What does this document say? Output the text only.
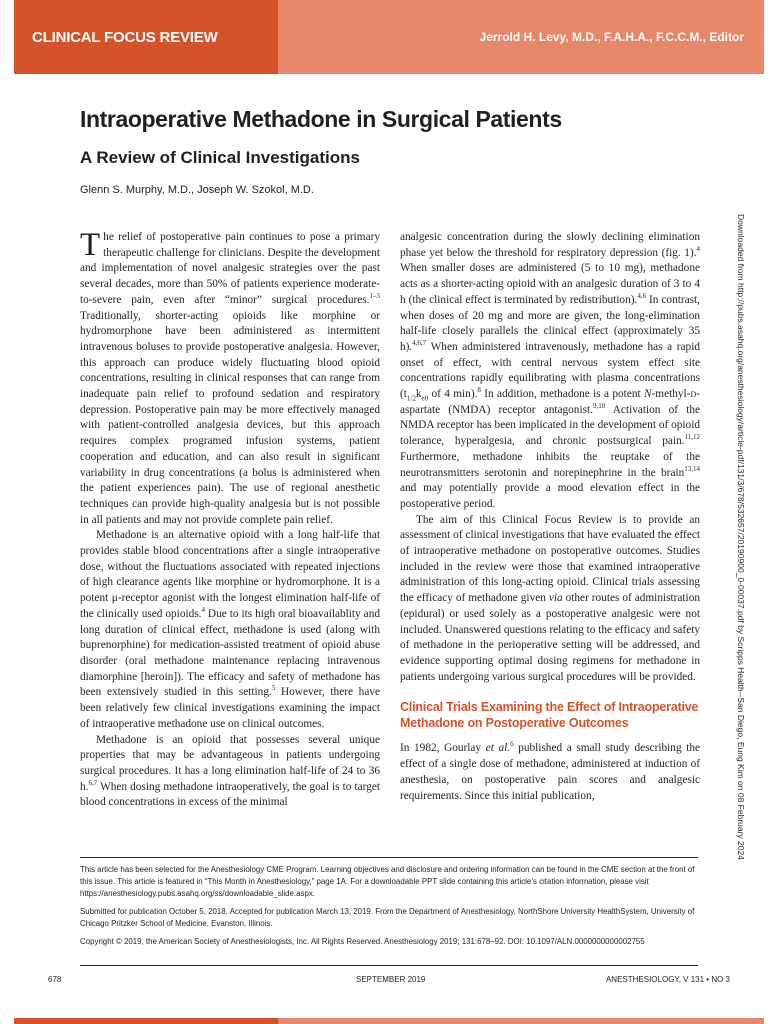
CLINICAL FOCUS REVIEW	Jerrold H. Levy, M.D., F.A.H.A., F.C.C.M., Editor
Intraoperative Methadone in Surgical Patients
A Review of Clinical Investigations

Glenn S. Murphy, M.D., Joseph W. Szokol, M.D.

The relief of postoperative pain continues to pose a primary therapeutic challenge for clinicians. Despite the development and implementation of novel analgesic strategies over the past several decades, more than 50% of patients experience moderate-to-severe pain, even after “minor” surgical procedures.$^{1-3}$ Traditionally, shorter-acting opioids like morphine or hydromorphone have been administered as intermittent intravenous boluses to provide postoperative analgesia. However, this approach can produce widely fluctuating blood opioid concentrations, resulting in clinical responses that can range from inadequate pain relief to profound sedation and respiratory depression. Postoperative pain may be more effectively managed with patient-controlled analgesia devices, but this approach requires complex programed infusion systems, patient cooperation and education, and can also result in significant variability in drug concentrations (a bolus is administered when the patient experiences pain). The use of regional anesthetic techniques can provide high-quality analgesia but is not possible in all patients and may not provide complete pain relief.

Methadone is an alternative opioid with a long half-life that provides stable blood concentrations after a single intraoperative dose, without the fluctuations associated with repeated injections of high clearance agents like morphine or hydromorphone. It is a potent μ-receptor agonist with the longest elimination half-life of the clinically used opioids.$^4$ Due to its high oral bioavailablity and long duration of clinical effect, methadone is used (along with buprenorphine) for medication-assisted treatment of opioid abuse disorder (oral methadone maintenance replacing intravenous diamorphine [heroin]). The efficacy and safety of methadone has been extensively studied in this setting.$^5$ However, there have been relatively few clinical investigations examining the impact of intraoperative methadone use on clinical outcomes.

Methadone is an opioid that possesses several unique properties that may be advantageous in patients undergoing surgical procedures. It has a long elimination half-life of 24 to 36 h.$^{6,7}$ When dosing methadone intraoperatively, the goal is to target blood concentrations in excess of the minimal

analgesic concentration during the slowly declining elimination phase yet below the threshold for respiratory depression (fig. 1).$^4$ When smaller doses are administered (5 to 10 mg), methadone acts as a shorter-acting opioid with an analgesic duration of 3 to 4 h (the clinical effect is terminated by redistribution).$^{4,6}$ In contrast, when doses of 20 mg and more are given, the long-elimination half-life closely parallels the clinical effect (approximately 35 h).$^{4,6,7}$ When administered intravenously, methadone has a rapid onset of effect, with central nervous system effect site concentrations rapidly equilibrating with plasma concentrations ($t_{1/2}k_{e0}$ of 4 min).$^8$ In addition, methadone is a potent N-methyl-d-aspartate (NMDA) receptor antagonist.$^{9,10}$ Activation of the NMDA receptor has been implicated in the development of opioid tolerance, hyperalgesia, and chronic postsurgical pain.$^{11,12}$ Furthermore, methadone inhibits the reuptake of the neurotransmitters serotonin and norepinephrine in the brain$^{13,14}$ and may potentially provide a mood elevation effect in the postoperative period.

The aim of this Clinical Focus Review is to provide an assessment of clinical investigations that have evaluated the effect of intraoperative methadone on postoperative outcomes. Studies included in the review were those that examined intraoperative administration of this long-acting opioid. Clinical trials assessing the efficacy of methadone given via other routes of administration (epidural) or used solely as a postoperative analgesic were not included. Unanswered questions relating to the efficacy and safety of methadone in the perioperative setting will be addressed, and evidence supporting optimal dosing regimens for methadone in patients undergoing various surgical procedures will be provided.

Clinical Trials Examining the Effect of Intraoperative Methadone on Postoperative Outcomes

In 1982, Gourlay et al.$^6$ published a small study describing the effect of a single dose of methadone, administered at induction of anesthesia, on postoperative pain scores and analgesic requirements. Since this initial publication,	Downloaded from http://pubs.asahq.org/anesthesiology/article-pdf/131/3/678/532657/20190900_0-00037.pdf by Scripps Health--San Diego, Eung Kim on 08 February 2024

This article has been selected for the Anesthesiology CME Program. Learning objectives and disclosure and ordering information can be found in the CME section at the front of this issue. This article is featured in “This Month in Anesthesiology,” page 1A. For a downloadable PPT slide containing this article’s citation information, please visit https://anesthesiology.pubs.asahq.org/ss/downloadable_slide.aspx.

Submitted for publication October 5, 2018. Accepted for publication March 13, 2019. From the Department of Anesthesiology, NorthShore University HealthSystem, University of Chicago Pritzker School of Medicine, Evanston, Illinois.

Copyright © 2019, the American Society of Anesthesiologists, Inc. All Rights Reserved. Anesthesiology 2019; 131:678–92. DOI: 10.1097/ALN.0000000000002755

678	SEPTEMBER 2019	ANESTHESIOLOGY, V 131 • NO 3
